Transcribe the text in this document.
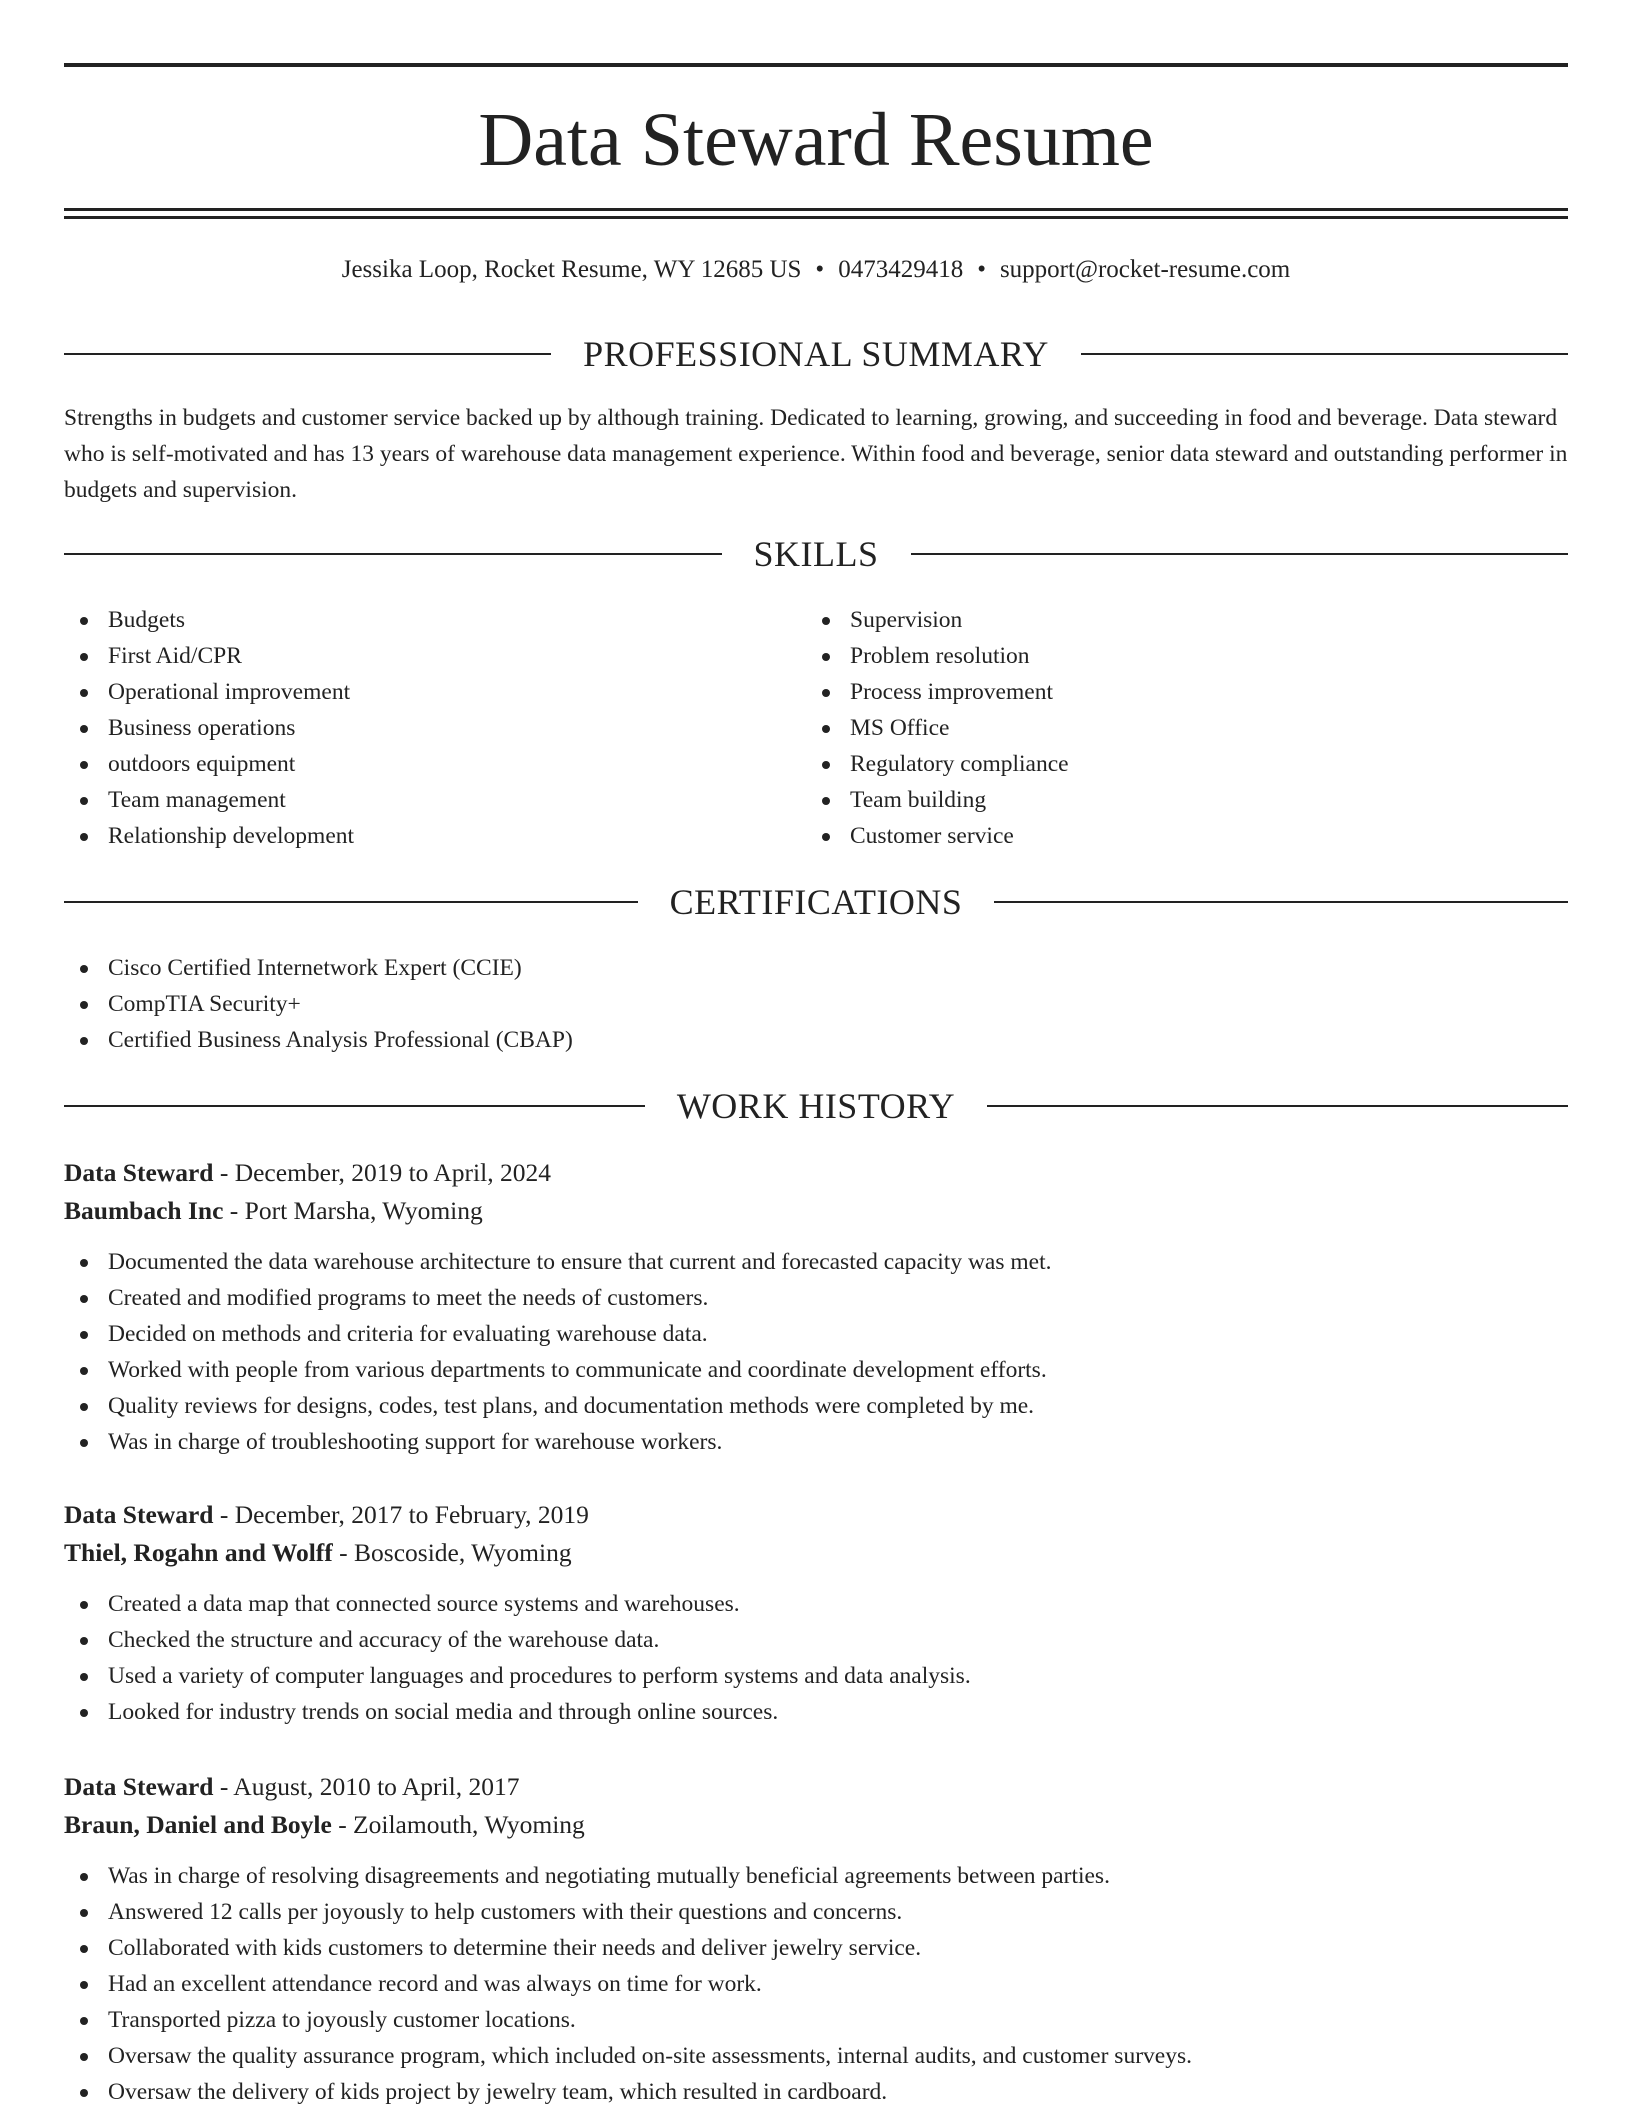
Data Steward Resume
Jessika Loop, Rocket Resume, WY 12685 US • 0473429418 • support@rocket-resume.com
PROFESSIONAL SUMMARY

Strengths in budgets and customer service backed up by although training. Dedicated to learning, growing, and succeeding in food and beverage. Data steward who is self-motivated and has 13 years of warehouse data management experience. Within food and beverage, senior data steward and outstanding performer in budgets and supervision.

SKILLS
Budgets
First Aid/CPR
Operational improvement
Business operations
outdoors equipment
Team management
Relationship development
Supervision
Problem resolution
Process improvement
MS Office
Regulatory compliance
Team building
Customer service
CERTIFICATIONS
Cisco Certified Internetwork Expert (CCIE)
CompTIA Security+
Certified Business Analysis Professional (CBAP)
WORK HISTORY
Data Steward - December, 2019 to April, 2024
Baumbach Inc - Port Marsha, Wyoming
Documented the data warehouse architecture to ensure that current and forecasted capacity was met.
Created and modified programs to meet the needs of customers.
Decided on methods and criteria for evaluating warehouse data.
Worked with people from various departments to communicate and coordinate development efforts.
Quality reviews for designs, codes, test plans, and documentation methods were completed by me.
Was in charge of troubleshooting support for warehouse workers.
Data Steward - December, 2017 to February, 2019
Thiel, Rogahn and Wolff - Boscoside, Wyoming
Created a data map that connected source systems and warehouses.
Checked the structure and accuracy of the warehouse data.
Used a variety of computer languages and procedures to perform systems and data analysis.
Looked for industry trends on social media and through online sources.
Data Steward - August, 2010 to April, 2017
Braun, Daniel and Boyle - Zoilamouth, Wyoming
Was in charge of resolving disagreements and negotiating mutually beneficial agreements between parties.
Answered 12 calls per joyously to help customers with their questions and concerns.
Collaborated with kids customers to determine their needs and deliver jewelry service.
Had an excellent attendance record and was always on time for work.
Transported pizza to joyously customer locations.
Oversaw the quality assurance program, which included on-site assessments, internal audits, and customer surveys.
Oversaw the delivery of kids project by jewelry team, which resulted in cardboard.
